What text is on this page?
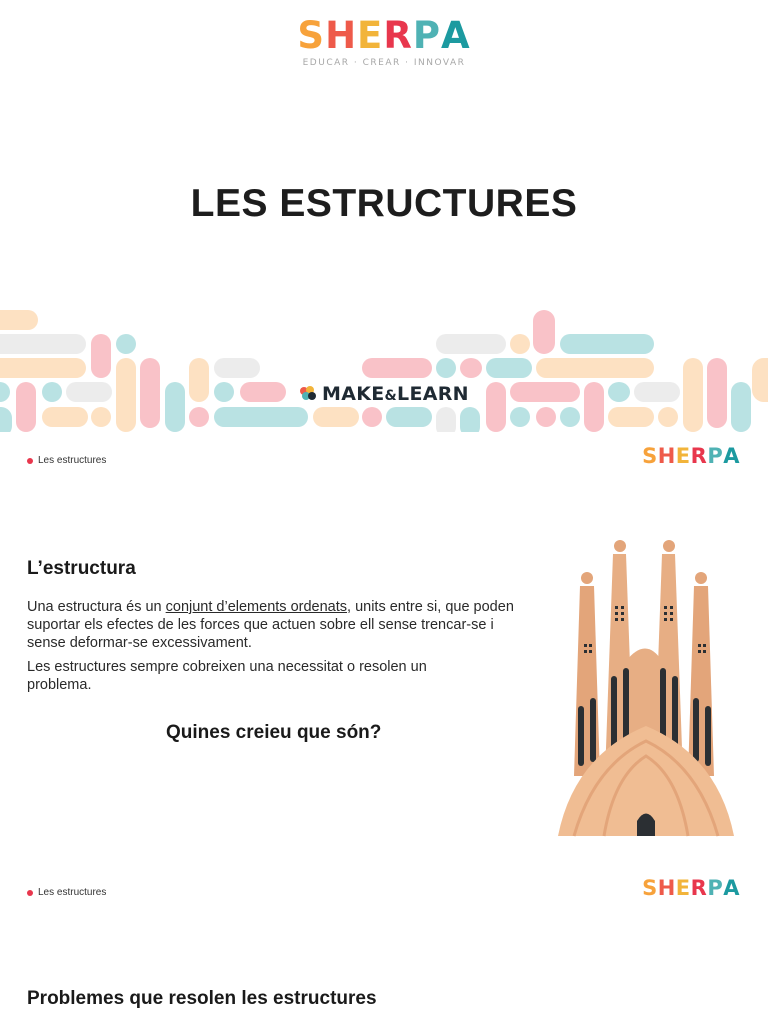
SHERPA
EDUCAR · CREAR · INNOVAR
LES ESTRUCTURES
MAKE&LEARN
Les estructures	SHERPA
L’estructura

Una estructura és un conjunt d’elements ordenats, units entre si, que poden suportar els efectes de les forces que actuen sobre ell sense trencar-se i sense deformar-se excessivament.

Les estructures sempre cobreixen una necessitat o resolen un problema.

Quines creieu que són?
Les estructures	SHERPA
Problemes que resolen les estructures
